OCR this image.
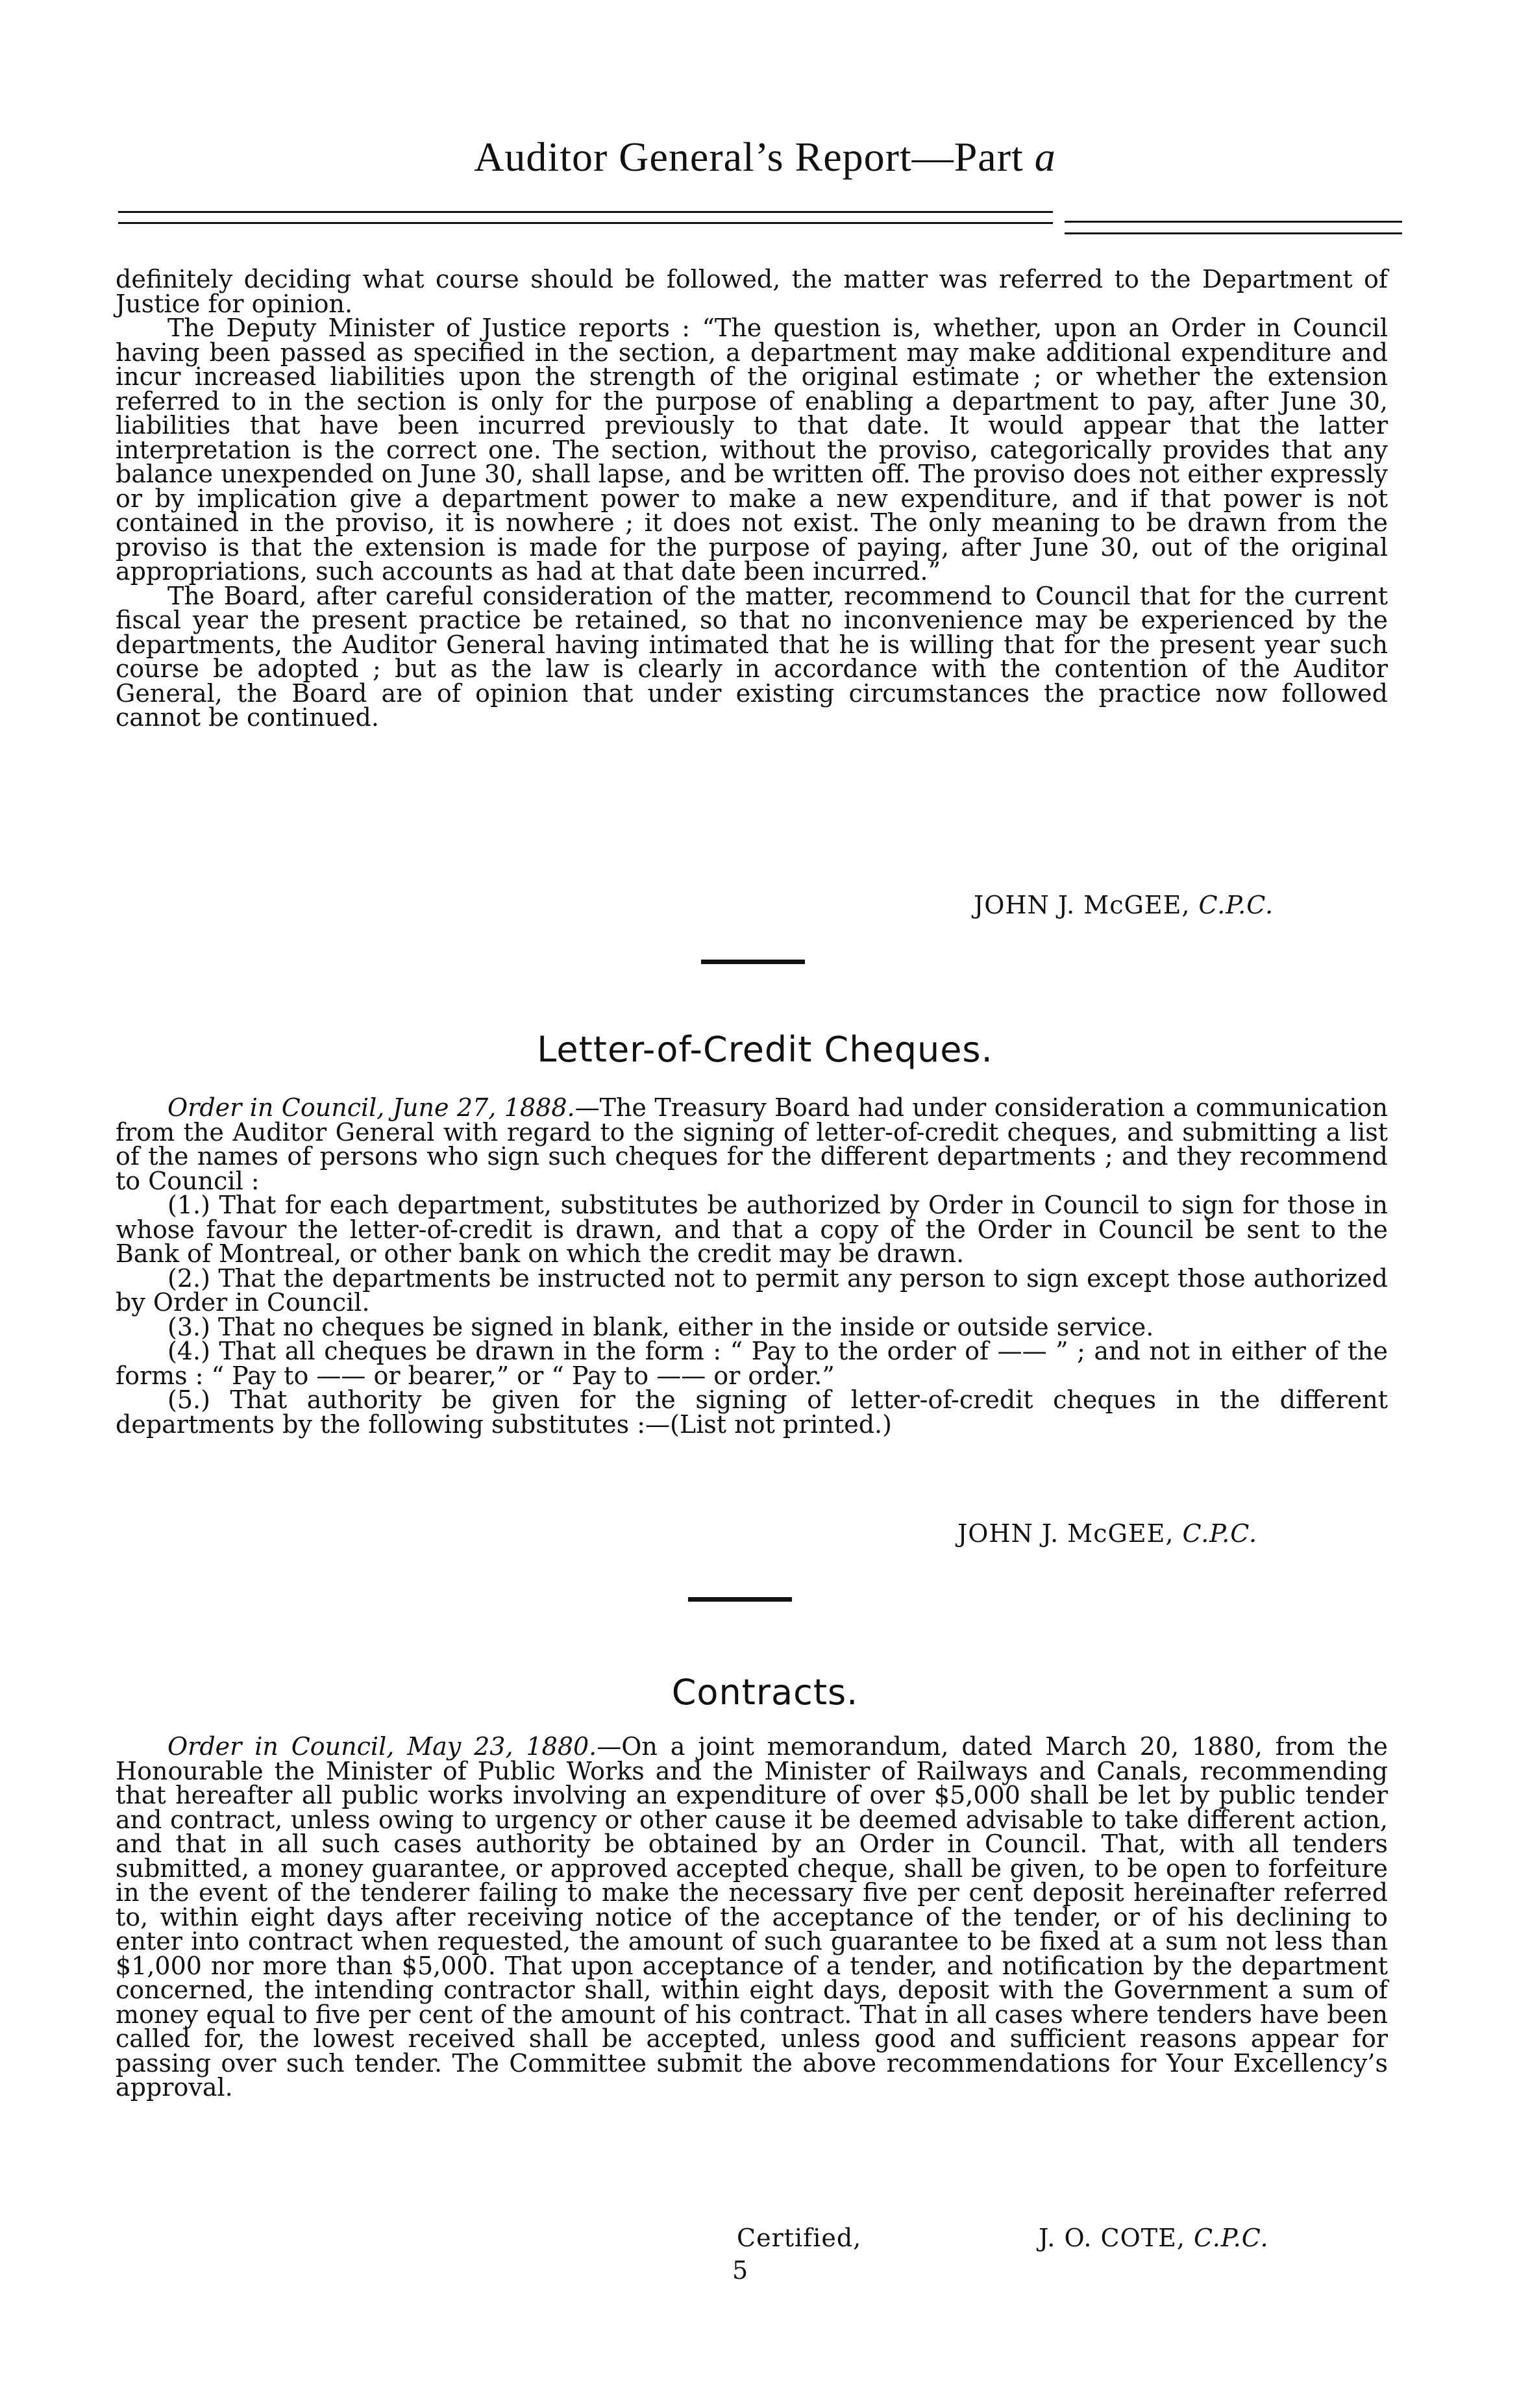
Auditor General’s Report—Part a

definitely deciding what course should be followed, the matter was referred to the Department of Justice for opinion.

The Deputy Minister of Justice reports : “The question is, whether, upon an Order in Council having been passed as specified in the section, a department may make additional expenditure and incur increased liabilities upon the strength of the original estimate ; or whether the extension referred to in the section is only for the purpose of enabling a department to pay, after June 30, liabilities that have been incurred previously to that date. It would appear that the latter interpretation is the correct one. The section, without the proviso, categorically provides that any balance unexpended on June 30, shall lapse, and be written off. The proviso does not either expressly or by implication give a department power to make a new expenditure, and if that power is not contained in the proviso, it is nowhere ; it does not exist. The only meaning to be drawn from the proviso is that the extension is made for the purpose of paying, after June 30, out of the original appropriations, such accounts as had at that date been incurred.”

The Board, after careful consideration of the matter, recommend to Council that for the current fiscal year the present practice be retained, so that no inconvenience may be experienced by the departments, the Auditor General having intimated that he is willing that for the present year such course be adopted ; but as the law is clearly in accordance with the contention of the Auditor General, the Board are of opinion that under existing circumstances the practice now followed cannot be continued.

JOHN J. McGEE, C.P.C.
Letter-of-Credit Cheques.

Order in Council, June 27, 1888.—The Treasury Board had under consideration a communication from the Auditor General with regard to the signing of letter-of-credit cheques, and submitting a list of the names of persons who sign such cheques for the different departments ; and they recommend to Council :

(1.) That for each department, substitutes be authorized by Order in Council to sign for those in whose favour the letter-of-credit is drawn, and that a copy of the Order in Council be sent to the Bank of Montreal, or other bank on which the credit may be drawn.

(2.) That the departments be instructed not to permit any person to sign except those authorized by Order in Council.

(3.) That no cheques be signed in blank, either in the inside or outside service.

(4.) That all cheques be drawn in the form : “ Pay to the order of —— ” ; and not in either of the forms : “ Pay to —— or bearer,” or “ Pay to —— or order.”

(5.) That authority be given for the signing of letter-of-credit cheques in the different departments by the following substitutes :—(List not printed.)

JOHN J. McGEE, C.P.C.
Contracts.

Order in Council, May 23, 1880.—On a joint memorandum, dated March 20, 1880, from the Honourable the Minister of Public Works and the Minister of Railways and Canals, recommending that hereafter all public works involving an expenditure of over $5,000 shall be let by public tender and contract, unless owing to urgency or other cause it be deemed advisable to take different action, and that in all such cases authority be obtained by an Order in Council. That, with all tenders submitted, a money guarantee, or approved accepted cheque, shall be given, to be open to forfeiture in the event of the tenderer failing to make the necessary five per cent deposit hereinafter referred to, within eight days after receiving notice of the acceptance of the tender, or of his declining to enter into contract when requested, the amount of such guarantee to be fixed at a sum not less than $1,000 nor more than $5,000. That upon acceptance of a tender, and notification by the department concerned, the intending contractor shall, within eight days, deposit with the Government a sum of money equal to five per cent of the amount of his contract. That in all cases where tenders have been called for, the lowest received shall be accepted, unless good and sufficient reasons appear for passing over such tender. The Committee submit the above recommendations for Your Excellency’s approval.

Certified,	J. O. COTE, C.P.C.
5
